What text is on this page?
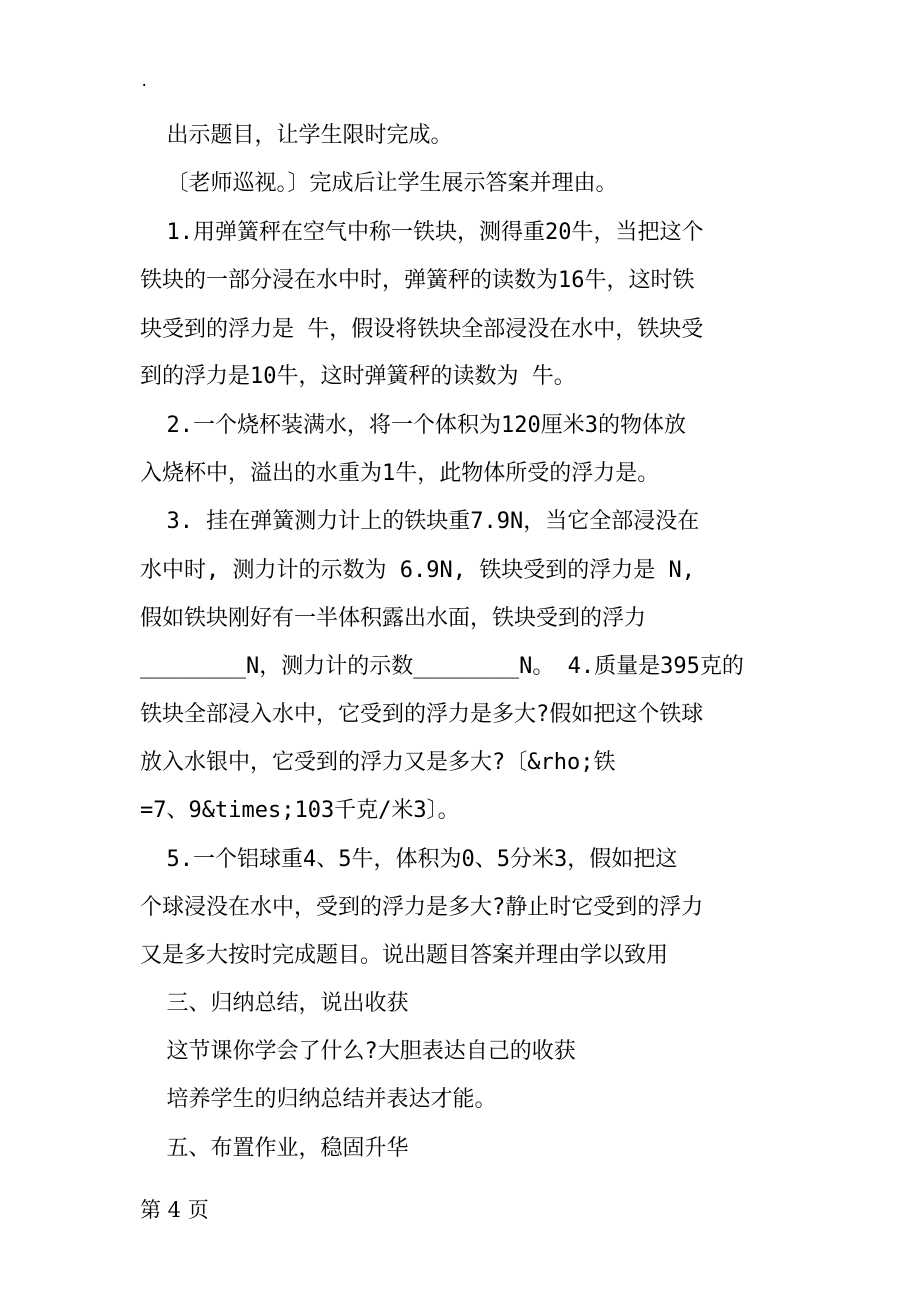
·
出示题目，让学生限时完成。
〔老师巡视。〕完成后让学生展示答案并理由。
1.用弹簧秤在空气中称一铁块，测得重20牛，当把这个
铁块的一部分浸在水中时，弹簧秤的读数为16牛，这时铁
块受到的浮力是 牛，假设将铁块全部浸没在水中，铁块受
到的浮力是10牛，这时弹簧秤的读数为 牛。
2.一个烧杯装满水，将一个体积为120厘米3的物体放
入烧杯中，溢出的水重为1牛，此物体所受的浮力是。
3. 挂在弹簧测力计上的铁块重7.9N，当它全部浸没在
水中时, 测力计的示数为 6.9N, 铁块受到的浮力是 N,
假如铁块刚好有一半体积露出水面，铁块受到的浮力
________N，测力计的示数________N。 4.质量是395克的
铁块全部浸入水中，它受到的浮力是多大?假如把这个铁球
放入水银中，它受到的浮力又是多大?〔&rho;铁
=7、9&times;103千克/米3〕。
5.一个铝球重4、5牛，体积为0、5分米3，假如把这
个球浸没在水中，受到的浮力是多大?静止时它受到的浮力
又是多大按时完成题目。说出题目答案并理由学以致用
三、归纳总结，说出收获
这节课你学会了什么?大胆表达自己的收获
培养学生的归纳总结并表达才能。
五、布置作业，稳固升华
第 4 页
